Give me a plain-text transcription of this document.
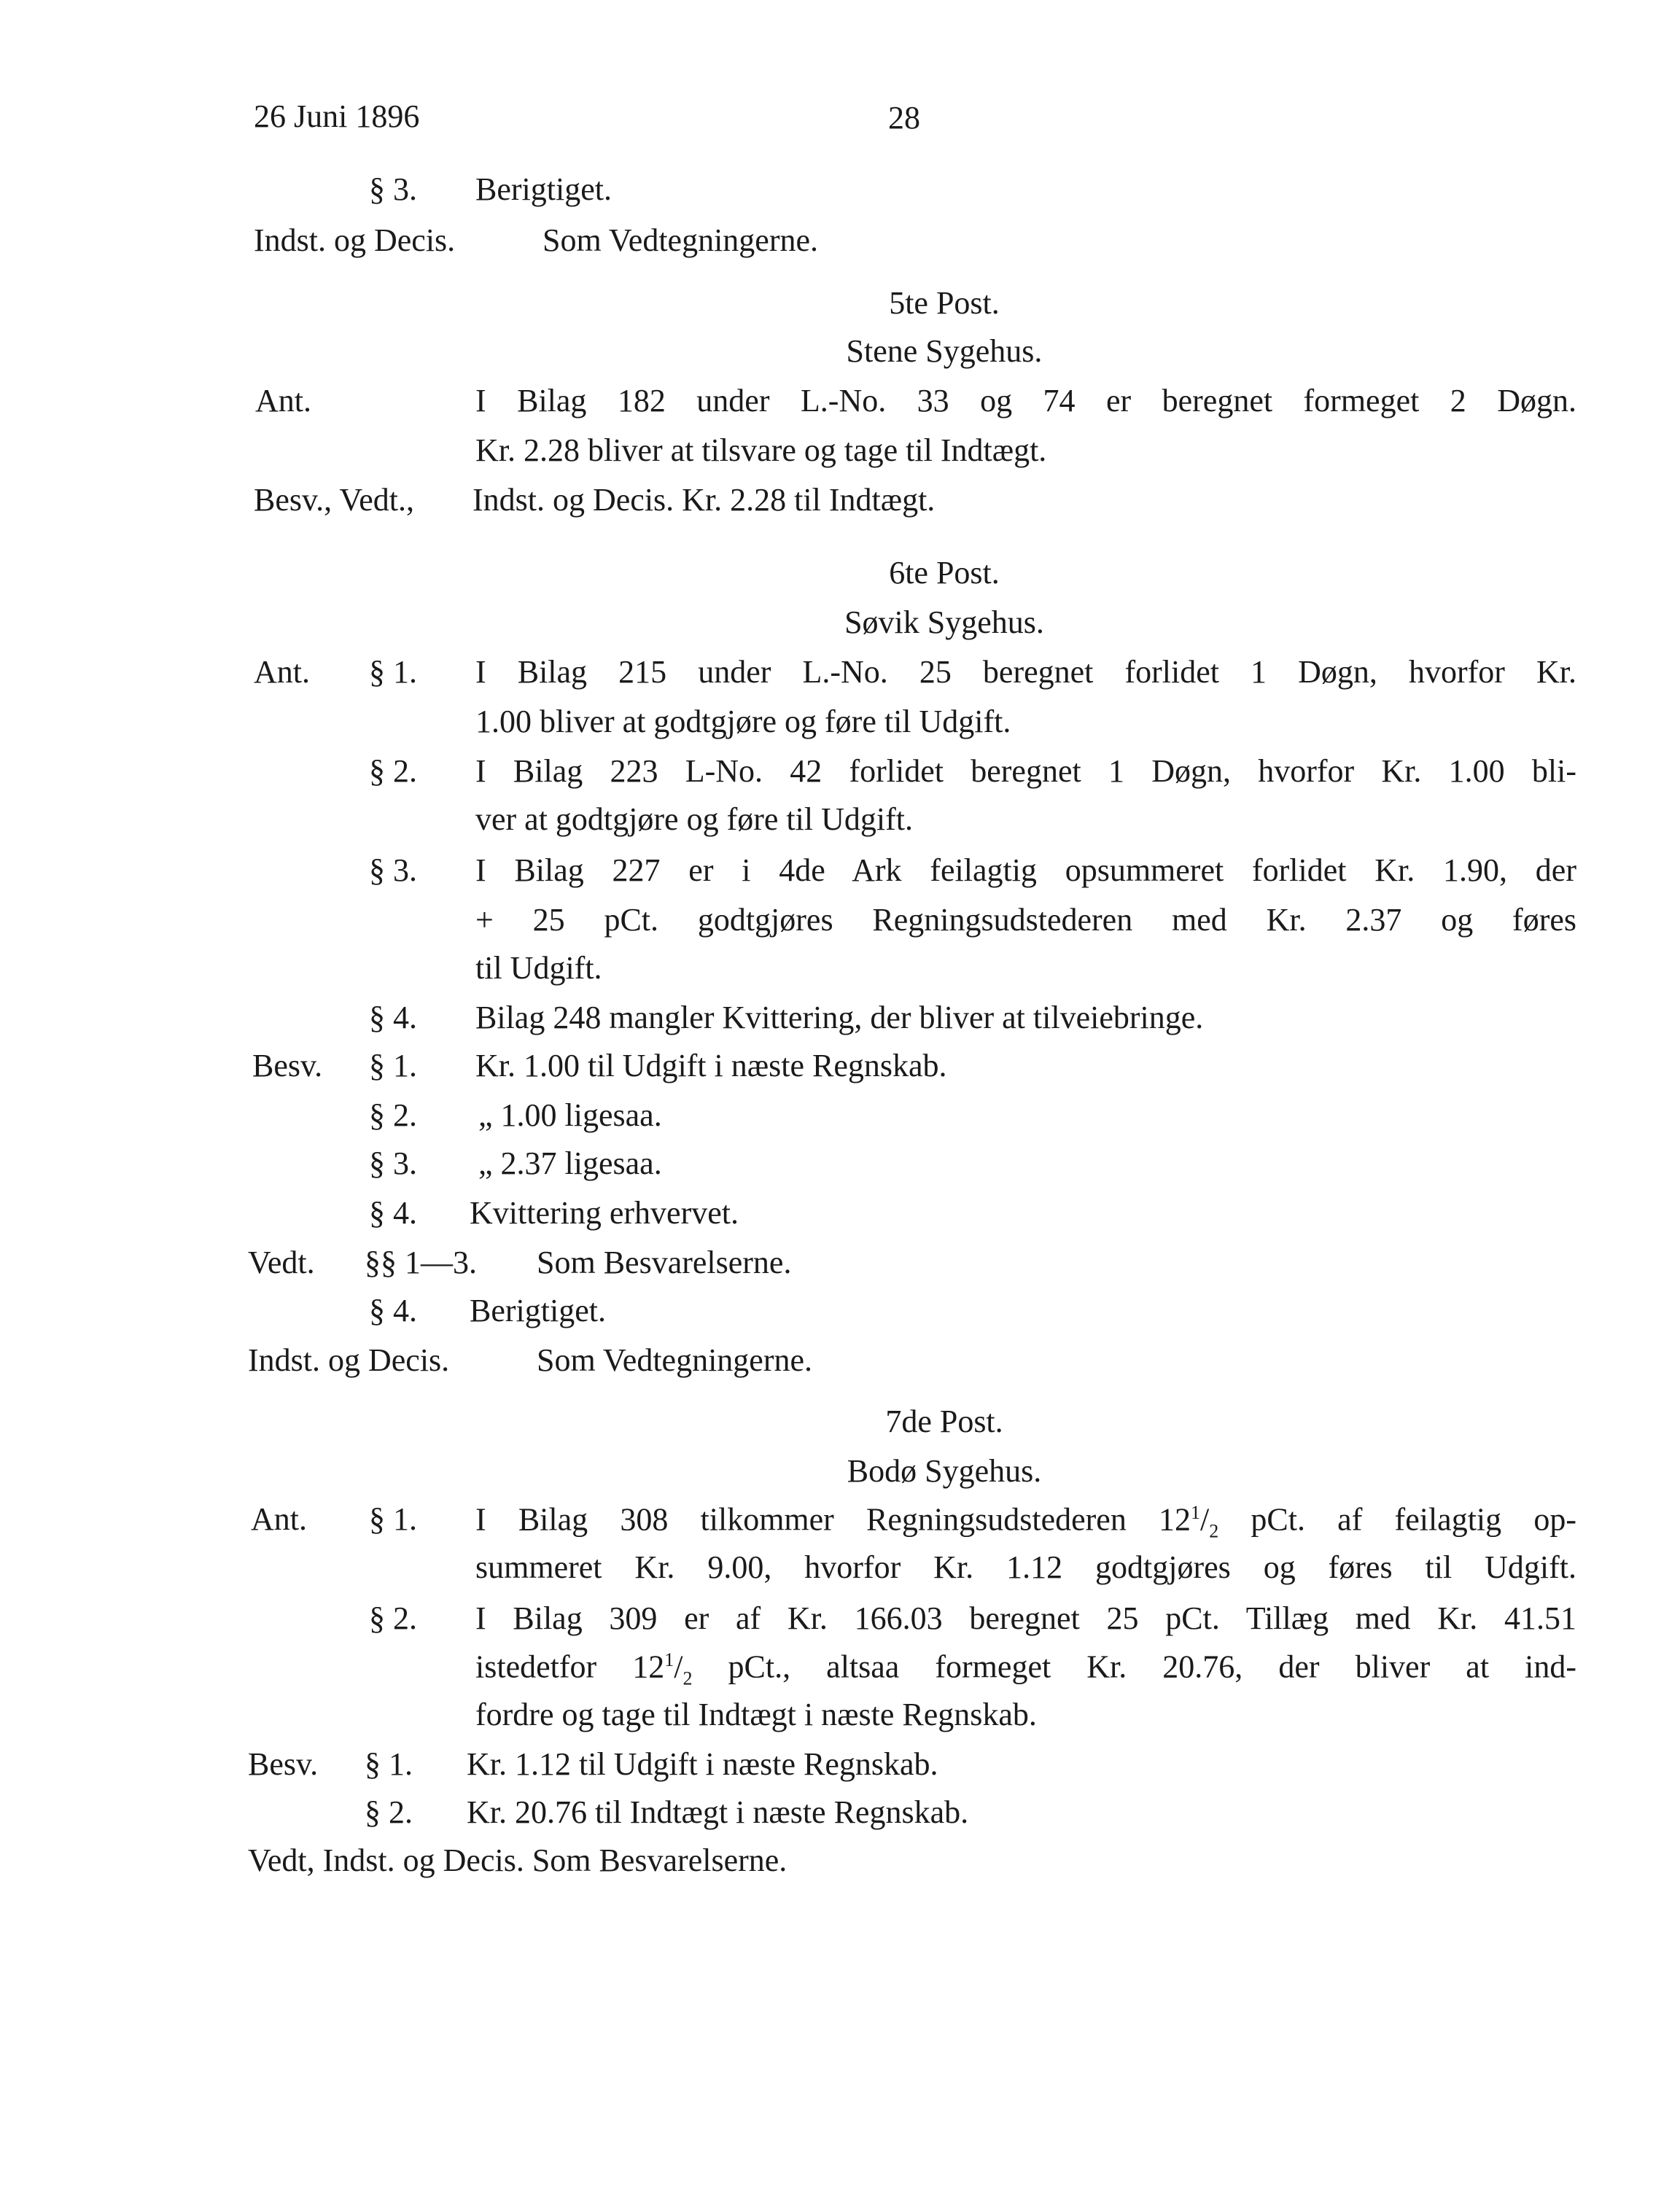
26 Juni 1896	28
§ 3. Berigtiget.
Indst. og Decis.	Som Vedtegningerne.
5te Post.
Stene Sygehus.
Ant.	I Bilag 182 under L.-No. 33 og 74 er beregnet formeget 2 Døgn.
Kr. 2.28 bliver at tilsvare og tage til Indtægt.
Besv., Vedt., Indst. og Decis. Kr. 2.28 til Indtægt.
6te Post.
Søvik Sygehus.
Ant. § 1. I Bilag 215 under L.-No. 25 beregnet forlidet 1 Døgn, hvorfor Kr.
1.00 bliver at godtgjøre og føre til Udgift.
§ 2. I Bilag 223 L-No. 42 forlidet beregnet 1 Døgn, hvorfor Kr. 1.00 bli-
ver at godtgjøre og føre til Udgift.
§ 3. I Bilag 227 er i 4de Ark feilagtig opsummeret forlidet Kr. 1.90, der
+ 25 pCt. godtgjøres Regningsudstederen med Kr. 2.37 og føres
til Udgift.
§ 4. Bilag 248 mangler Kvittering, der bliver at tilveiebringe.
Besv. § 1. Kr. 1.00 til Udgift i næste Regnskab.
§ 2. „ 1.00 ligesaa.
§ 3. „ 2.37 ligesaa.
§ 4. Kvittering erhvervet.
Vedt. §§ 1—3. Som Besvarelserne.
§ 4. Berigtiget.
Indst. og Decis.	Som Vedtegningerne.
7de Post.
Bodø Sygehus.
Ant. § 1. I Bilag 308 tilkommer Regningsudstederen $12^1/_2$ pCt. af feilagtig op-
summeret Kr. 9.00, hvorfor Kr. 1.12 godtgjøres og føres til Udgift.
§ 2. I Bilag 309 er af Kr. 166.03 beregnet 25 pCt. Tillæg med Kr. 41.51
istedetfor $12^1/_2$ pCt., altsaa formeget Kr. 20.76, der bliver at ind-
fordre og tage til Indtægt i næste Regnskab.
Besv. § 1. Kr. 1.12 til Udgift i næste Regnskab.
§ 2. Kr. 20.76 til Indtægt i næste Regnskab.
Vedt, Indst. og Decis. Som Besvarelserne.
